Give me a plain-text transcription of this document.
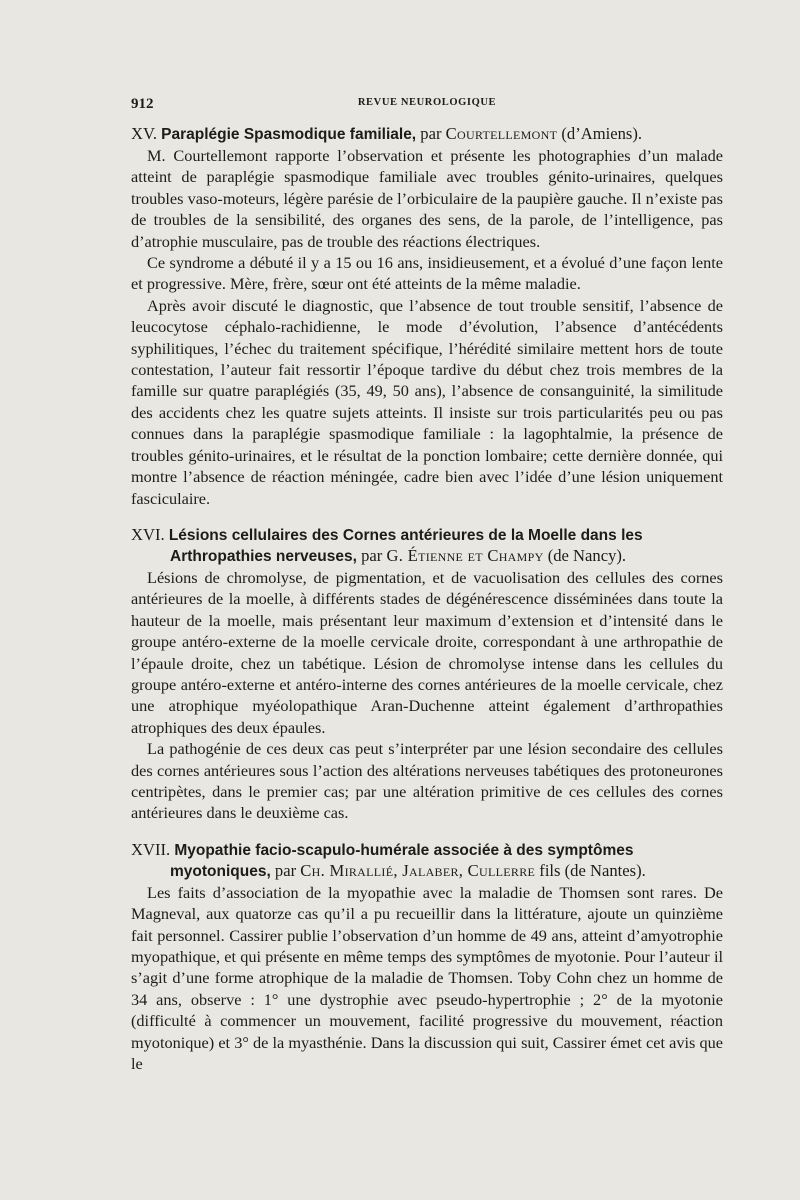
912	REVUE NEUROLOGIQUE
XV. Paraplégie Spasmodique familiale, par Courtellemont (d’Amiens).

M. Courtellemont rapporte l’observation et présente les photographies d’un malade atteint de paraplégie spasmodique familiale avec troubles génito-urinaires, quelques troubles vaso-moteurs, légère parésie de l’orbiculaire de la paupière gauche. Il n’existe pas de troubles de la sensibilité, des organes des sens, de la parole, de l’intelligence, pas d’atrophie musculaire, pas de trouble des réactions électriques.

Ce syndrome a débuté il y a 15 ou 16 ans, insidieusement, et a évolué d’une façon lente et progressive. Mère, frère, sœur ont été atteints de la même maladie.

Après avoir discuté le diagnostic, que l’absence de tout trouble sensitif, l’absence de leucocytose céphalo-rachidienne, le mode d’évolution, l’absence d’antécédents syphilitiques, l’échec du traitement spécifique, l’hérédité similaire mettent hors de toute contestation, l’auteur fait ressortir l’époque tardive du début chez trois membres de la famille sur quatre paraplégiés (35, 49, 50 ans), l’absence de consanguinité, la similitude des accidents chez les quatre sujets atteints. Il insiste sur trois particularités peu ou pas connues dans la paraplégie spasmodique familiale : la lagophtalmie, la présence de troubles génito-urinaires, et le résultat de la ponction lombaire; cette dernière donnée, qui montre l’absence de réaction méningée, cadre bien avec l’idée d’une lésion uniquement fasciculaire.

XVI. Lésions cellulaires des Cornes antérieures de la Moelle dans les Arthropathies nerveuses, par G. Étienne et Champy (de Nancy).

Lésions de chromolyse, de pigmentation, et de vacuolisation des cellules des cornes antérieures de la moelle, à différents stades de dégénérescence disséminées dans toute la hauteur de la moelle, mais présentant leur maximum d’extension et d’intensité dans le groupe antéro-externe de la moelle cervicale droite, correspondant à une arthropathie de l’épaule droite, chez un tabétique. Lésion de chromolyse intense dans les cellules du groupe antéro-externe et antéro-interne des cornes antérieures de la moelle cervicale, chez une atrophique myéolopathique Aran-Duchenne atteint également d’arthropathies atrophiques des deux épaules.

La pathogénie de ces deux cas peut s’interpréter par une lésion secondaire des cellules des cornes antérieures sous l’action des altérations nerveuses tabétiques des protoneurones centripètes, dans le premier cas; par une altération primitive de ces cellules des cornes antérieures dans le deuxième cas.

XVII. Myopathie facio-scapulo-humérale associée à des symptômes myotoniques, par Ch. Mirallié, Jalaber, Cullerre fils (de Nantes).

Les faits d’association de la myopathie avec la maladie de Thomsen sont rares. De Magneval, aux quatorze cas qu’il a pu recueillir dans la littérature, ajoute un quinzième fait personnel. Cassirer publie l’observation d’un homme de 49 ans, atteint d’amyotrophie myopathique, et qui présente en même temps des symptômes de myotonie. Pour l’auteur il s’agit d’une forme atrophique de la maladie de Thomsen. Toby Cohn chez un homme de 34 ans, observe : 1° une dystrophie avec pseudo-hypertrophie ; 2° de la myotonie (difficulté à commencer un mouvement, facilité progressive du mouvement, réaction myotonique) et 3° de la myasthénie. Dans la discussion qui suit, Cassirer émet cet avis que le
